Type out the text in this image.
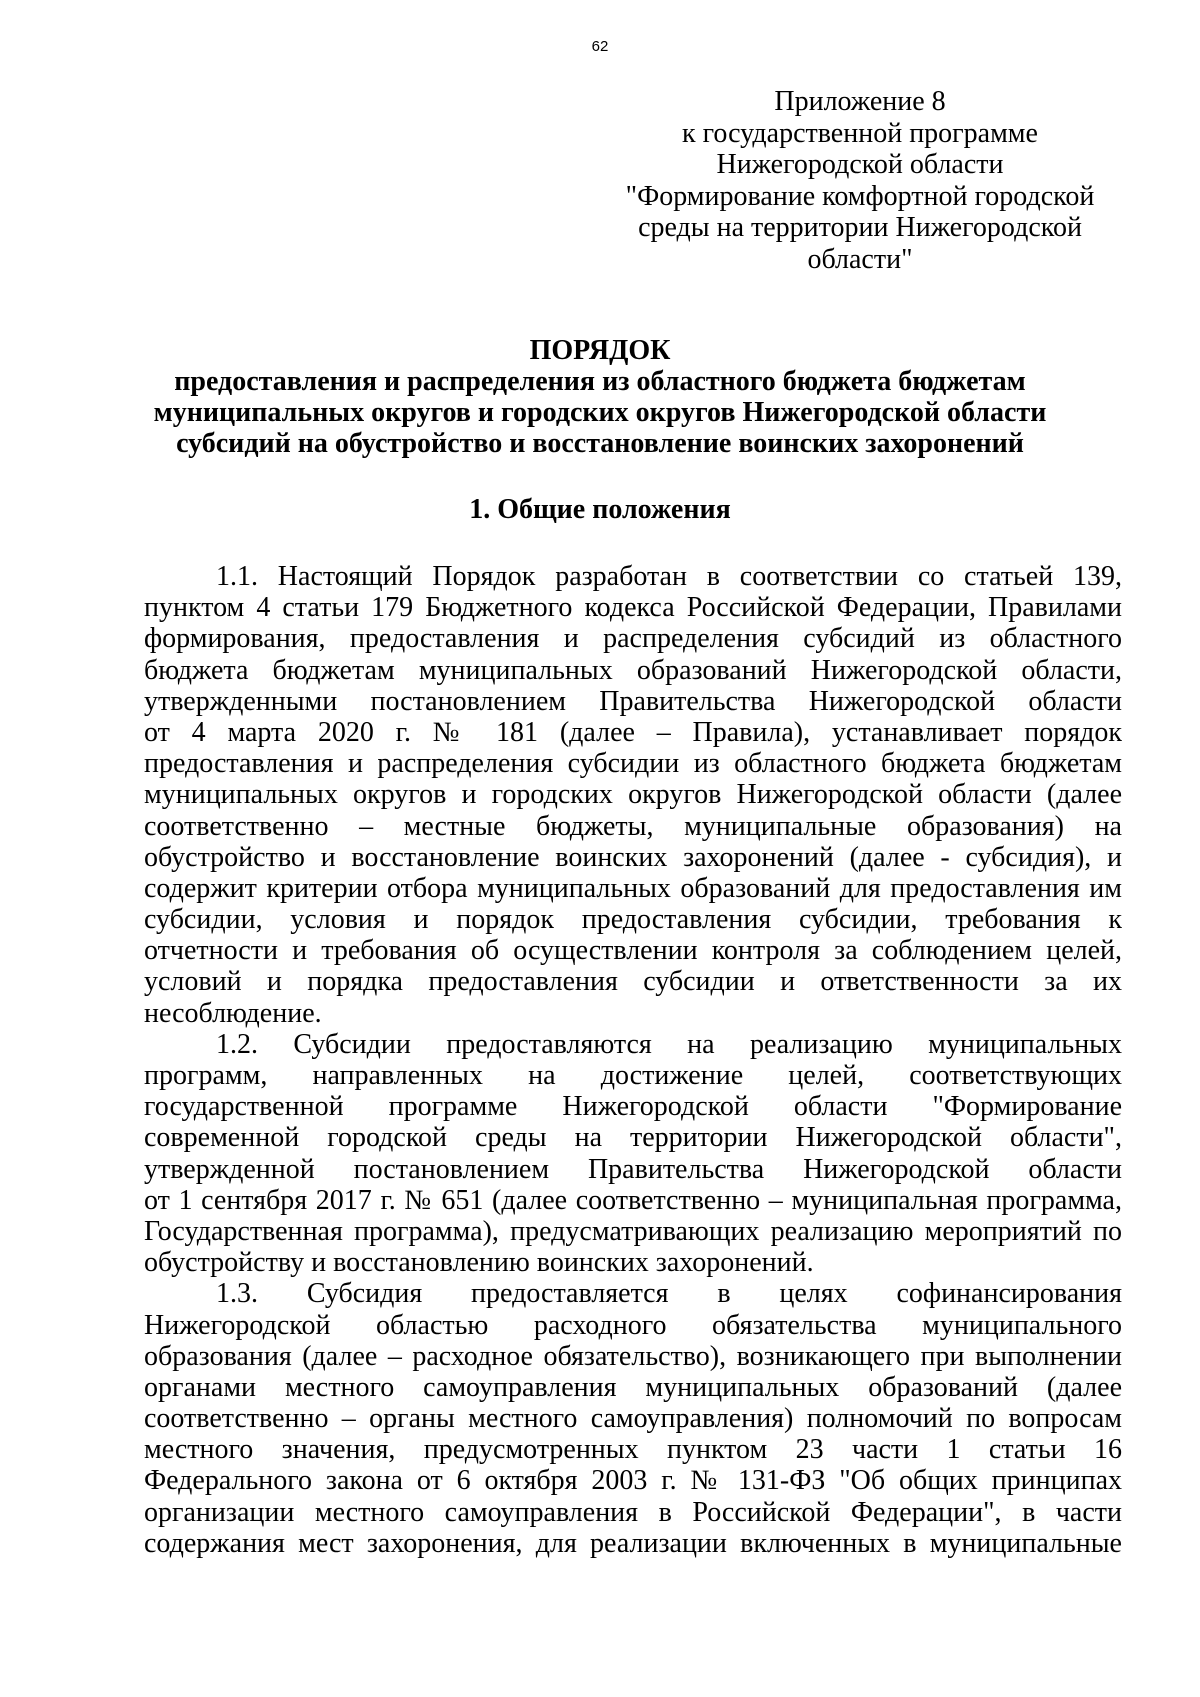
62
Приложение 8
к государственной программе
Нижегородской области
"Формирование комфортной городской
среды на территории Нижегородской
области"
ПОРЯДОК
предоставления и распределения из областного бюджета бюджетам
муниципальных округов и городских округов Нижегородской области
субсидий на обустройство и восстановление воинских захоронений
1. Общие положения
1.1. Настоящий Порядок разработан в соответствии со статьей 139,
пунктом 4 статьи 179 Бюджетного кодекса Российской Федерации, Правилами
формирования, предоставления и распределения субсидий из областного
бюджета бюджетам муниципальных образований Нижегородской области,
утвержденными постановлением Правительства Нижегородской области
от 4 марта 2020 г. № 181 (далее – Правила), устанавливает порядок
предоставления и распределения субсидии из областного бюджета бюджетам
муниципальных округов и городских округов Нижегородской области (далее
соответственно – местные бюджеты, муниципальные образования) на
обустройство и восстановление воинских захоронений (далее - субсидия), и
содержит критерии отбора муниципальных образований для предоставления им
субсидии, условия и порядок предоставления субсидии, требования к
отчетности и требования об осуществлении контроля за соблюдением целей,
условий и порядка предоставления субсидии и ответственности за их
несоблюдение.
1.2. Субсидии предоставляются на реализацию муниципальных
программ, направленных на достижение целей, соответствующих
государственной программе Нижегородской области "Формирование
современной городской среды на территории Нижегородской области",
утвержденной постановлением Правительства Нижегородской области
от 1 сентября 2017 г. № 651 (далее соответственно – муниципальная программа,
Государственная программа), предусматривающих реализацию мероприятий по
обустройству и восстановлению воинских захоронений.
1.3. Субсидия предоставляется в целях софинансирования
Нижегородской областью расходного обязательства муниципального
образования (далее – расходное обязательство), возникающего при выполнении
органами местного самоуправления муниципальных образований (далее
соответственно – органы местного самоуправления) полномочий по вопросам
местного значения, предусмотренных пунктом 23 части 1 статьи 16
Федерального закона от 6 октября 2003 г. № 131-ФЗ "Об общих принципах
организации местного самоуправления в Российской Федерации", в части
содержания мест захоронения, для реализации включенных в муниципальные
